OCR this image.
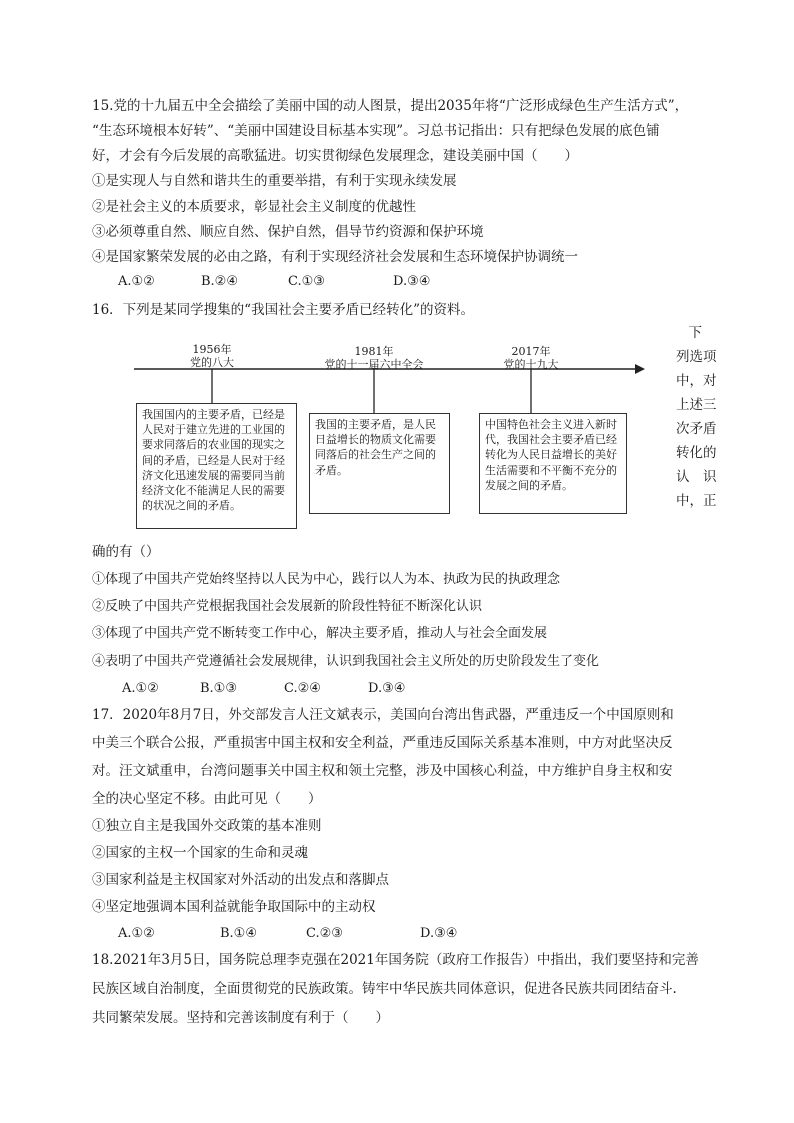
15.党的十九届五中全会描绘了美丽中国的动人图景，提出2035年将“广泛形成绿色生产生活方式”，
“生态环境根本好转”、“美丽中国建设目标基本实现”。习总书记指出：只有把绿色发展的底色铺
好，才会有今后发展的高歌猛进。切实贯彻绿色发展理念，建设美丽中国（　　）
①是实现人与自然和谐共生的重要举措，有利于实现永续发展
②是社会主义的本质要求，彰显社会主义制度的优越性
③必须尊重自然、顺应自然、保护自然，倡导节约资源和保护环境
④是国家繁荣发展的必由之路，有利于实现经济社会发展和生态环境保护协调统一
A.①②	B.②④	C.①③	D.③④
16．下列是某同学搜集的“我国社会主要矛盾已经转化”的资料。
下
列选项
中，对
上述三
次矛盾
转化的
认　识
中，正
1956年
党的八大
1981年
党的十一届六中全会
2017年
党的十九大
我国国内的主要矛盾，已经是人民对于建立先进的工业国的要求同落后的农业国的现实之间的矛盾，已经是人民对于经济文化迅速发展的需要同当前经济文化不能满足人民的需要的状况之间的矛盾。
我国的主要矛盾，是人民日益增长的物质文化需要同落后的社会生产之间的矛盾。
中国特色社会主义进入新时代，我国社会主要矛盾已经转化为人民日益增长的美好生活需要和不平衡不充分的发展之间的矛盾。
确的有（）
①体现了中国共产党始终坚持以人民为中心，践行以人为本、执政为民的执政理念
②反映了中国共产党根据我国社会发展新的阶段性特征不断深化认识
③体现了中国共产党不断转变工作中心，解决主要矛盾，推动人与社会全面发展
④表明了中国共产党遵循社会发展规律，认识到我国社会主义所处的历史阶段发生了变化
A.①②	B.①③	C.②④	D.③④
17．2020年8月7日，外交部发言人汪文斌表示，美国向台湾出售武器，严重违反一个中国原则和
中美三个联合公报，严重损害中国主权和安全利益，严重违反国际关系基本准则，中方对此坚决反
对。汪文斌重申，台湾问题事关中国主权和领土完整，涉及中国核心利益，中方维护自身主权和安
全的决心坚定不移。由此可见（　　）
①独立自主是我国外交政策的基本准则
②国家的主权一个国家的生命和灵魂
③国家利益是主权国家对外活动的出发点和落脚点
④坚定地强调本国利益就能争取国际中的主动权
A.①②	B.①④	C.②③	D.③④
18.2021年3月5日，国务院总理李克强在2021年国务院（政府工作报告）中指出，我们要坚持和完善
民族区域自治制度，全面贯彻党的民族政策。铸牢中华民族共同体意识，促进各民族共同团结奋斗.
共同繁荣发展。坚持和完善该制度有利于（　　）
